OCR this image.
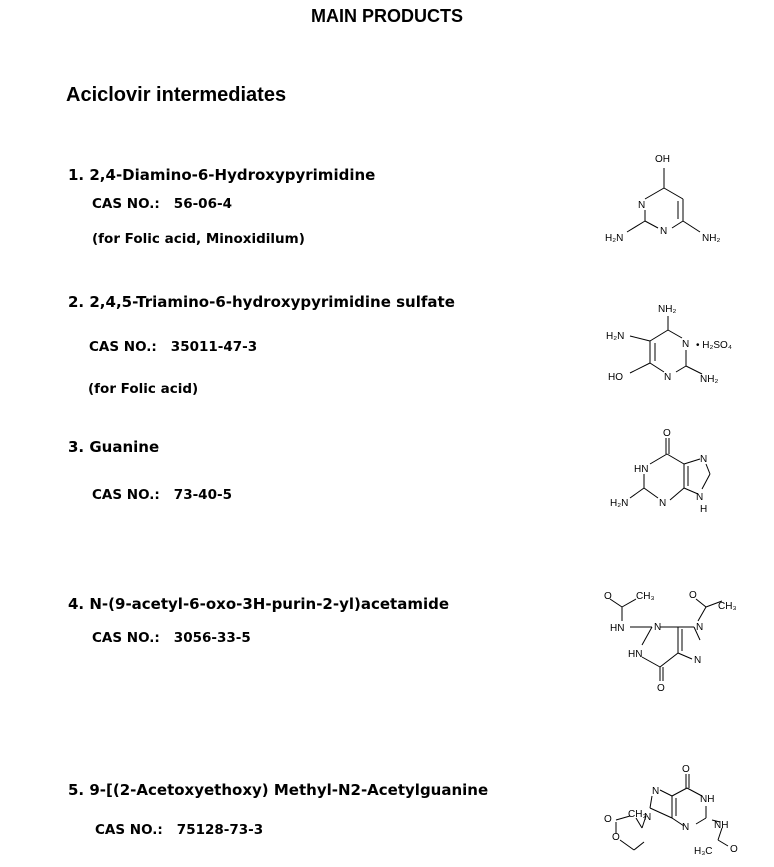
MAIN PRODUCTS
Aciclovir intermediates
1. 2,4-Diamino-6-Hydroxypyrimidine
CAS NO.: 56-06-4
(for Folic acid, Minoxidilum)
2. 2,4,5-Triamino-6-hydroxypyrimidine sulfate
CAS NO.: 35011-47-3
(for Folic acid)
3. Guanine
CAS NO.: 73-40-5
4. N-(9-acetyl-6-oxo-3H-purin-2-yl)acetamide
CAS NO.: 3056-33-5
5. 9-[(2-Acetoxyethoxy) Methyl-N2-Acetylguanine
CAS NO.: 75128-73-3
OH
N
N
H₂N	NH₂
NH₂
H₂N
N • H₂SO₄
HO	N	NH₂
O
HN
N
N
N
H
H₂N
O CH₃	O
CH₃
HN	N	N
HN
N
O
O
N
NH
CH₃
N
N NH
O
O
H₃C O
